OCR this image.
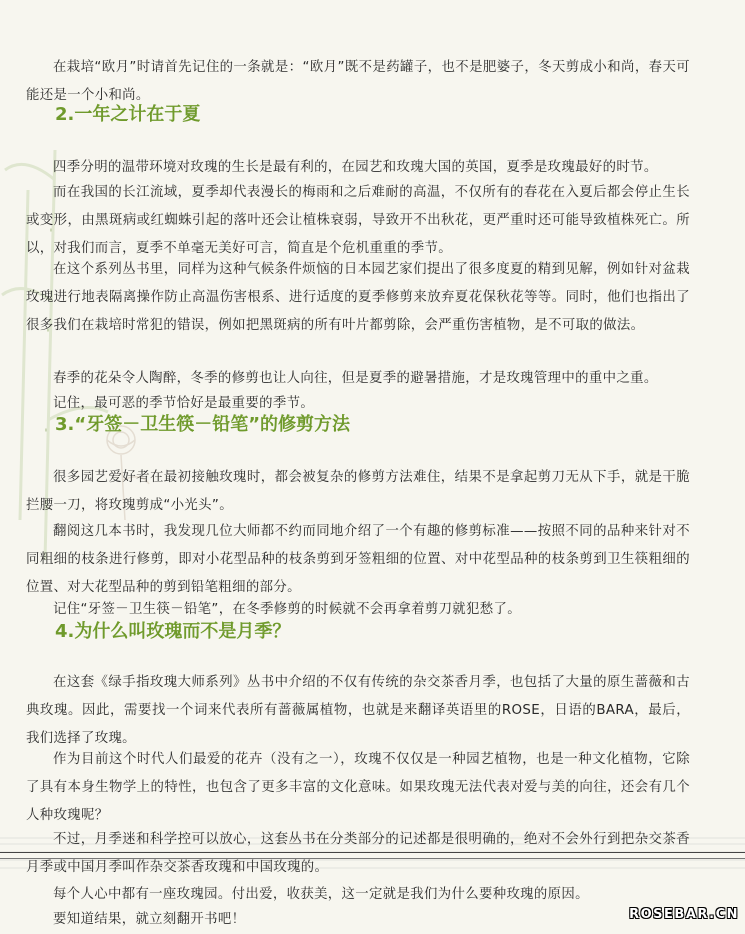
在栽培“欧月”时请首先记住的一条就是：“欧月”既不是药罐子，也不是肥婆子，冬天剪成小和尚，春天可能还是一个小和尚。

2.一年之计在于夏

四季分明的温带环境对玫瑰的生长是最有利的，在园艺和玫瑰大国的英国，夏季是玫瑰最好的时节。

而在我国的长江流域，夏季却代表漫长的梅雨和之后难耐的高温，不仅所有的春花在入夏后都会停止生长或变形，由黑斑病或红蜘蛛引起的落叶还会让植株衰弱，导致开不出秋花，更严重时还可能导致植株死亡。所以，对我们而言，夏季不单毫无美好可言，简直是个危机重重的季节。

在这个系列丛书里，同样为这种气候条件烦恼的日本园艺家们提出了很多度夏的精到见解，例如针对盆栽玫瑰进行地表隔离操作防止高温伤害根系、进行适度的夏季修剪来放弃夏花保秋花等等。同时，他们也指出了很多我们在栽培时常犯的错误，例如把黑斑病的所有叶片都剪除，会严重伤害植物，是不可取的做法。

春季的花朵令人陶醉，冬季的修剪也让人向往，但是夏季的避暑措施，才是玫瑰管理中的重中之重。

记住，最可恶的季节恰好是最重要的季节。

3.“牙签－卫生筷－铅笔”的修剪方法

很多园艺爱好者在最初接触玫瑰时，都会被复杂的修剪方法难住，结果不是拿起剪刀无从下手，就是干脆拦腰一刀，将玫瑰剪成“小光头”。

翻阅这几本书时，我发现几位大师都不约而同地介绍了一个有趣的修剪标准——按照不同的品种来针对不同粗细的枝条进行修剪，即对小花型品种的枝条剪到牙签粗细的位置、对中花型品种的枝条剪到卫生筷粗细的位置、对大花型品种的剪到铅笔粗细的部分。

记住“牙签－卫生筷－铅笔”，在冬季修剪的时候就不会再拿着剪刀就犯愁了。

4.为什么叫玫瑰而不是月季？

在这套《绿手指玫瑰大师系列》丛书中介绍的不仅有传统的杂交茶香月季，也包括了大量的原生蔷薇和古典玫瑰。因此，需要找一个词来代表所有蔷薇属植物，也就是来翻译英语里的ROSE，日语的BARA，最后，我们选择了玫瑰。

作为目前这个时代人们最爱的花卉（没有之一），玫瑰不仅仅是一种园艺植物，也是一种文化植物，它除了具有本身生物学上的特性，也包含了更多丰富的文化意味。如果玫瑰无法代表对爱与美的向往，还会有几个人种玫瑰呢？

不过，月季迷和科学控可以放心，这套丛书在分类部分的记述都是很明确的，绝对不会外行到把杂交茶香月季或中国月季叫作杂交茶香玫瑰和中国玫瑰的。

每个人心中都有一座玫瑰园。付出爱，收获美，这一定就是我们为什么要种玫瑰的原因。

要知道结果，就立刻翻开书吧！	ROSEBAR.CN
